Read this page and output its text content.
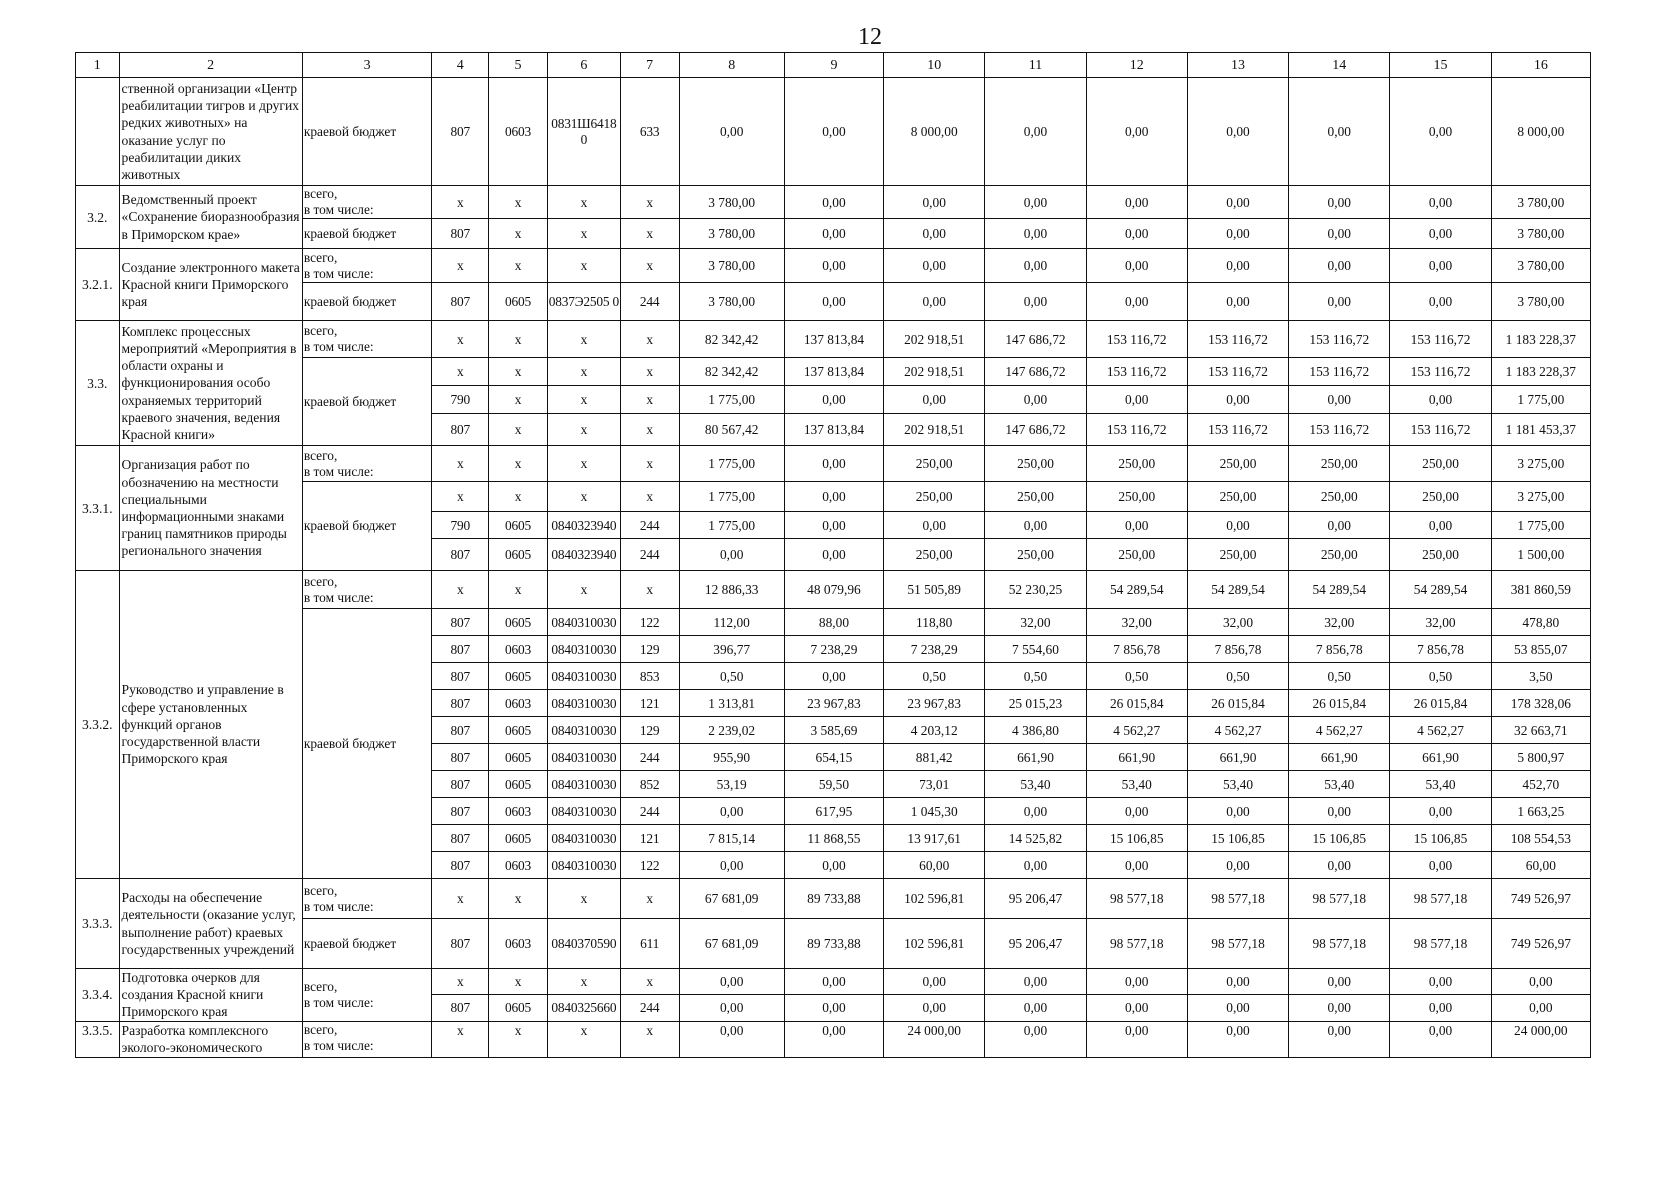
12
1	2	3	4	5	6	7	8	9	10	11	12	13	14	15	16
	ственной организации «Центр реабилитации тигров и других редких животных» на оказание услуг по реабилитации диких животных	краевой бюджет	807	0603	0831Ш6418 0	633	0,00	0,00	8 000,00	0,00	0,00	0,00	0,00	0,00	8 000,00
3.2.	Ведомственный проект «Сохранение биоразнообразия в Приморском крае»	всего,
в том числе:	x	x	x	x	3 780,00	0,00	0,00	0,00	0,00	0,00	0,00	0,00	3 780,00
		краевой бюджет	807	x	x	x	3 780,00	0,00	0,00	0,00	0,00	0,00	0,00	0,00	3 780,00
3.2.1.	Создание электронного макета Красной книги Приморского края	всего,
в том числе:	x	x	x	x	3 780,00	0,00	0,00	0,00	0,00	0,00	0,00	0,00	3 780,00
		краевой бюджет	807	0605	0837Э2505 0	244	3 780,00	0,00	0,00	0,00	0,00	0,00	0,00	0,00	3 780,00
3.3.	Комплекс процессных мероприятий «Мероприятия в области охраны и функционирования особо охраняемых территорий краевого значения, ведения Красной книги»	всего,
в том числе:	x	x	x	x	82 342,42	137 813,84	202 918,51	147 686,72	153 116,72	153 116,72	153 116,72	153 116,72	1 183 228,37
		краевой бюджет	x	x	x	x	82 342,42	137 813,84	202 918,51	147 686,72	153 116,72	153 116,72	153 116,72	153 116,72	1 183 228,37
			790	x	x	x	1 775,00	0,00	0,00	0,00	0,00	0,00	0,00	0,00	1 775,00
			807	x	x	x	80 567,42	137 813,84	202 918,51	147 686,72	153 116,72	153 116,72	153 116,72	153 116,72	1 181 453,37
3.3.1.	Организация работ по обозначению на местности специальными информационными знаками границ памятников природы регионального значения	всего,
в том числе:	x	x	x	x	1 775,00	0,00	250,00	250,00	250,00	250,00	250,00	250,00	3 275,00
		краевой бюджет	x	x	x	x	1 775,00	0,00	250,00	250,00	250,00	250,00	250,00	250,00	3 275,00
			790	0605	0840323940	244	1 775,00	0,00	0,00	0,00	0,00	0,00	0,00	0,00	1 775,00
			807	0605	0840323940	244	0,00	0,00	250,00	250,00	250,00	250,00	250,00	250,00	1 500,00
3.3.2.	Руководство и управление в сфере установленных функций органов государственной власти Приморского края	всего,
в том числе:	x	x	x	x	12 886,33	48 079,96	51 505,89	52 230,25	54 289,54	54 289,54	54 289,54	54 289,54	381 860,59
		краевой бюджет	807	0605	0840310030	122	112,00	88,00	118,80	32,00	32,00	32,00	32,00	32,00	478,80
			807	0603	0840310030	129	396,77	7 238,29	7 238,29	7 554,60	7 856,78	7 856,78	7 856,78	7 856,78	53 855,07
			807	0605	0840310030	853	0,50	0,00	0,50	0,50	0,50	0,50	0,50	0,50	3,50
			807	0603	0840310030	121	1 313,81	23 967,83	23 967,83	25 015,23	26 015,84	26 015,84	26 015,84	26 015,84	178 328,06
			807	0605	0840310030	129	2 239,02	3 585,69	4 203,12	4 386,80	4 562,27	4 562,27	4 562,27	4 562,27	32 663,71
			807	0605	0840310030	244	955,90	654,15	881,42	661,90	661,90	661,90	661,90	661,90	5 800,97
			807	0605	0840310030	852	53,19	59,50	73,01	53,40	53,40	53,40	53,40	53,40	452,70
			807	0603	0840310030	244	0,00	617,95	1 045,30	0,00	0,00	0,00	0,00	0,00	1 663,25
			807	0605	0840310030	121	7 815,14	11 868,55	13 917,61	14 525,82	15 106,85	15 106,85	15 106,85	15 106,85	108 554,53
			807	0603	0840310030	122	0,00	0,00	60,00	0,00	0,00	0,00	0,00	0,00	60,00
3.3.3.	Расходы на обеспечение деятельности (оказание услуг, выполнение работ) краевых государственных учреждений	всего,
в том числе:	x	x	x	x	67 681,09	89 733,88	102 596,81	95 206,47	98 577,18	98 577,18	98 577,18	98 577,18	749 526,97
		краевой бюджет	807	0603	0840370590	611	67 681,09	89 733,88	102 596,81	95 206,47	98 577,18	98 577,18	98 577,18	98 577,18	749 526,97
3.3.4.	Подготовка очерков для создания Красной книги Приморского края	всего,
в том числе:	x	x	x	x	0,00	0,00	0,00	0,00	0,00	0,00	0,00	0,00	0,00
			807	0605	0840325660	244	0,00	0,00	0,00	0,00	0,00	0,00	0,00	0,00	0,00
3.3.5.	Разработка комплексного эколого-экономического	всего,
в том числе:	x	x	x	x	0,00	0,00	24 000,00	0,00	0,00	0,00	0,00	0,00	24 000,00
